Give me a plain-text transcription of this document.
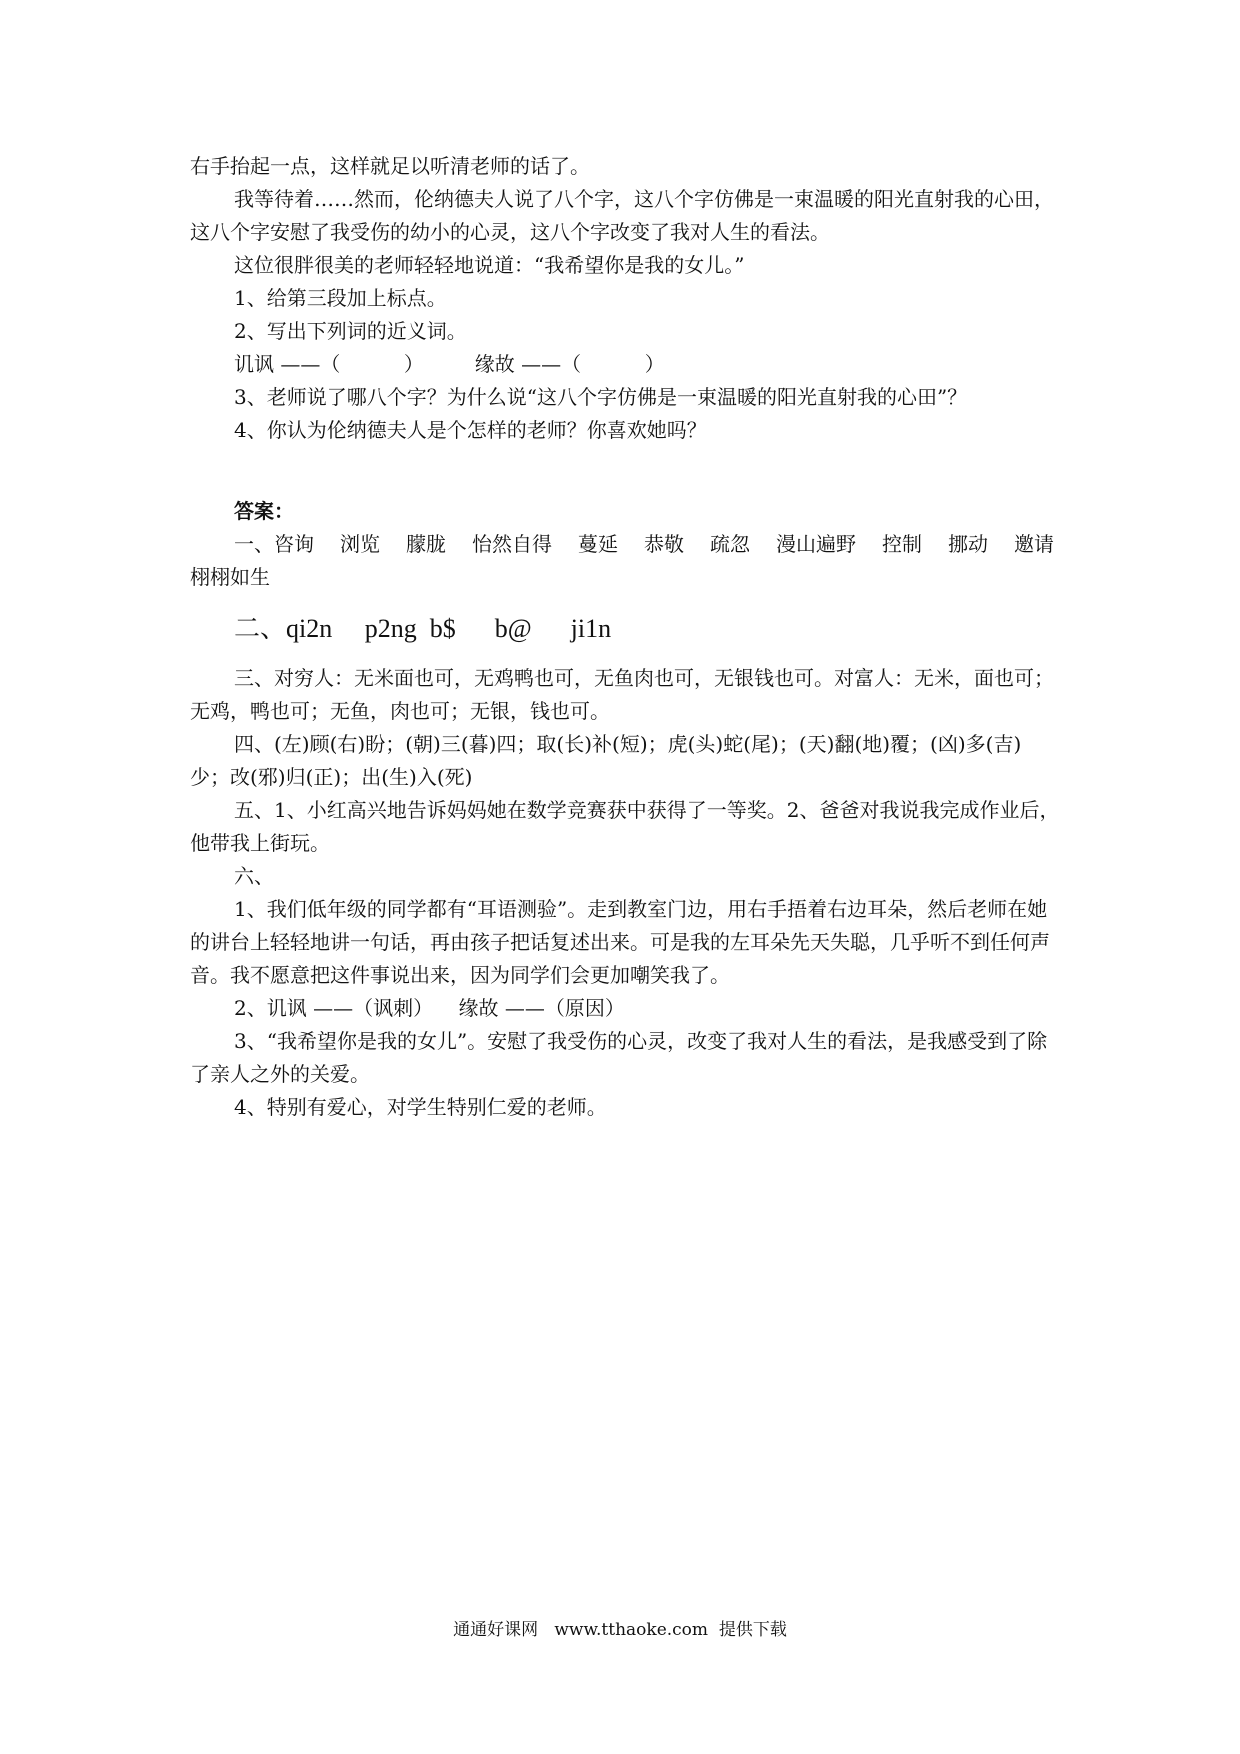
右手抬起一点，这样就足以听清老师的话了。

我等待着……然而，伦纳德夫人说了八个字，这八个字仿佛是一束温暖的阳光直射我的心田，这八个字安慰了我受伤的幼小的心灵，这八个字改变了我对人生的看法。

这位很胖很美的老师轻轻地说道：“我希望你是我的女儿。”

1、给第三段加上标点。

2、写出下列词的近义词。

讥讽 ——（          ）        缘故 ——（          ）

3、老师说了哪八个字？为什么说“这八个字仿佛是一束温暖的阳光直射我的心田”？

4、你认为伦纳德夫人是个怎样的老师？你喜欢她吗？

答案：

一、咨询 浏览 朦胧 怡然自得 蔓延 恭敬 疏忽 漫山遍野 控制 挪动 邀请

栩栩如生

二、qi2n     p2ng  b$      b@      ji1n

三、对穷人：无米面也可，无鸡鸭也可，无鱼肉也可，无银钱也可。对富人：无米，面也可；无鸡，鸭也可；无鱼，肉也可；无银，钱也可。

四、(左)顾(右)盼；(朝)三(暮)四；取(长)补(短)；虎(头)蛇(尾)；(天)翻(地)覆；(凶)多(吉)少；改(邪)归(正)；出(生)入(死)

五、1、小红高兴地告诉妈妈她在数学竞赛获中获得了一等奖。2、爸爸对我说我完成作业后，他带我上街玩。

六、

1、我们低年级的同学都有“耳语测验”。走到教室门边，用右手捂着右边耳朵，然后老师在她的讲台上轻轻地讲一句话，再由孩子把话复述出来。可是我的左耳朵先天失聪，几乎听不到任何声音。我不愿意把这件事说出来，因为同学们会更加嘲笑我了。

2、讥讽 ——（讽刺）    缘故 ——（原因）

3、“我希望你是我的女儿”。安慰了我受伤的心灵，改变了我对人生的看法，是我感受到了除了亲人之外的关爱。

4、特别有爱心，对学生特别仁爱的老师。

通通好课网   www.tthaoke.com  提供下载
